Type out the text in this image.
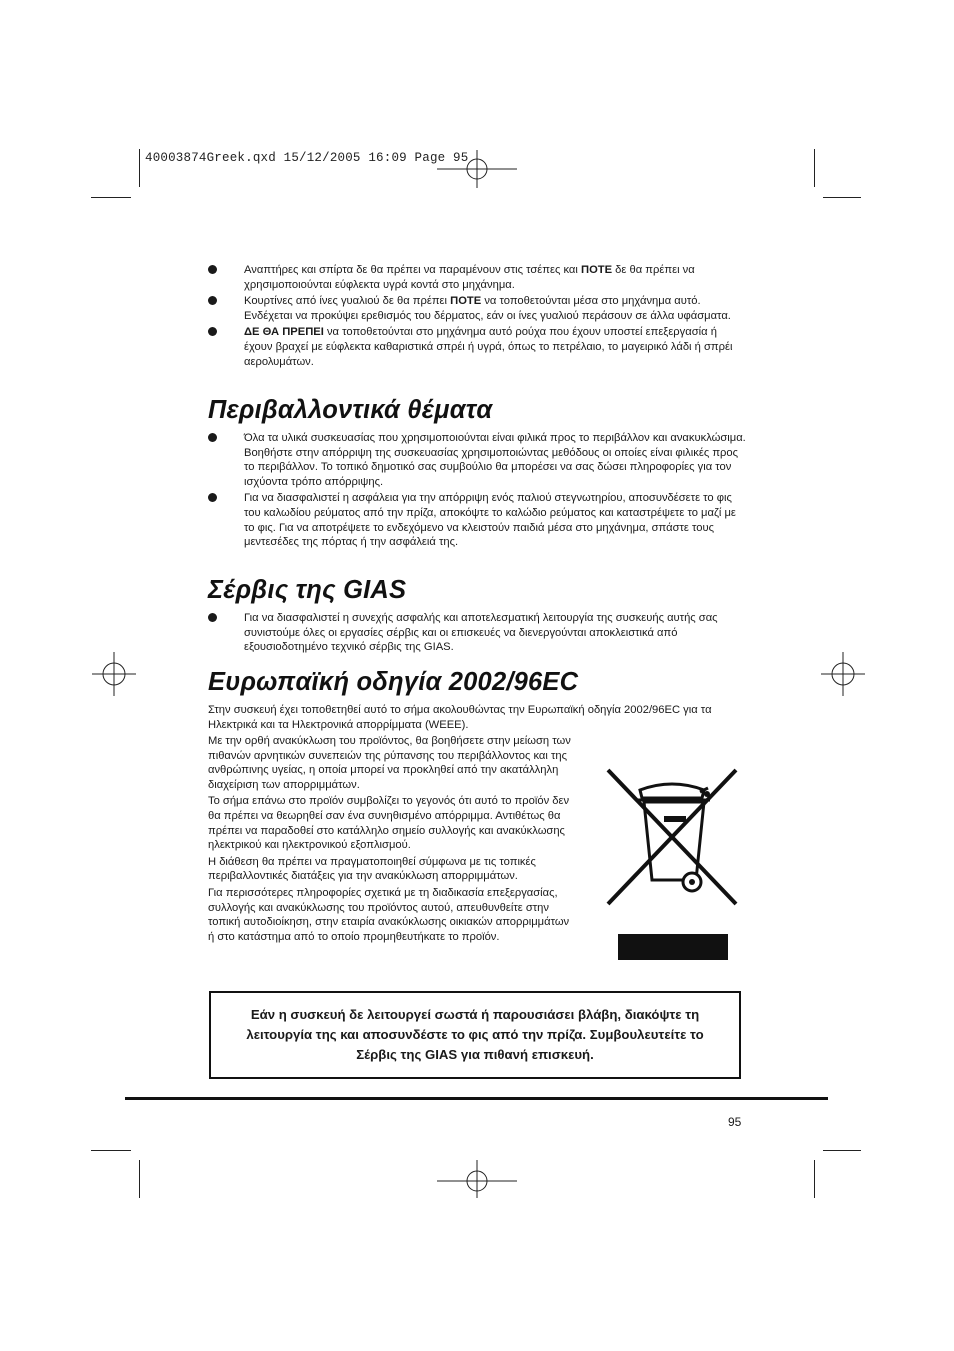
40003874Greek.qxd 15/12/2005 16:09 Page 95
Αναπτήρες και σπίρτα δε θα πρέπει να παραμένουν στις τσέπες και ΠΟΤΕ δε θα πρέπει να χρησιμοποιούνται εύφλεκτα υγρά κοντά στο μηχάνημα.
Κουρτίνες από ίνες γυαλιού δε θα πρέπει ΠΟΤΕ να τοποθετούνται μέσα στο μηχάνημα αυτό. Ενδέχεται να προκύψει ερεθισμός του δέρματος, εάν οι ίνες γυαλιού περάσουν σε άλλα υφάσματα.
ΔΕ ΘΑ ΠΡΕΠΕΙ να τοποθετούνται στο μηχάνημα αυτό ρούχα που έχουν υποστεί επεξεργασία ή έχουν βραχεί με εύφλεκτα καθαριστικά σπρέι ή υγρά, όπως το πετρέλαιο, το μαγειρικό λάδι ή σπρέι αερολυμάτων.
Περιβαλλοντικά θέματα
Όλα τα υλικά συσκευασίας που χρησιμοποιούνται είναι φιλικά προς το περιβάλλον και ανακυκλώσιμα. Βοηθήστε στην απόρριψη της συσκευασίας χρησιμοποιώντας μεθόδους οι οποίες είναι φιλικές προς το περιβάλλον. Το τοπικό δημοτικό σας συμβούλιο θα μπορέσει να σας δώσει πληροφορίες για τον ισχύοντα τρόπο απόρριψης.
Για να διασφαλιστεί η ασφάλεια για την απόρριψη ενός παλιού στεγνωτηρίου, αποσυνδέσετε το φις του καλωδίου ρεύματος από την πρίζα, αποκόψτε το καλώδιο ρεύματος και καταστρέψετε το μαζί με το φις. Για να αποτρέψετε το ενδεχόμενο να κλειστούν παιδιά μέσα στο μηχάνημα, σπάστε τους μεντεσέδες της πόρτας ή την ασφάλειά της.
Σέρβις της GIAS
Για να διασφαλιστεί η συνεχής ασφαλής και αποτελεσματική λειτουργία της συσκευής αυτής σας συνιστούμε όλες οι εργασίες σέρβις και οι επισκευές να διενεργούνται αποκλειστικά από εξουσιοδοτημένο τεχνικό σέρβις της GIAS.
Ευρωπαϊκή οδηγία 2002/96EC

Στην συσκευή έχει τοποθετηθεί αυτό το σήμα ακολουθώντας την Ευρωπαϊκή οδηγία 2002/96EC για τα Ηλεκτρικά και τα Ηλεκτρονικά απορρίμματα (WEEE).

Με την ορθή ανακύκλωση του προϊόντος, θα βοηθήσετε στην μείωση των πιθανών αρνητικών συνεπειών της ρύπανσης του περιβάλλοντος και της ανθρώπινης υγείας, η οποία μπορεί να προκληθεί από την ακατάλληλη διαχείριση των απορριμμάτων.

Το σήμα επάνω στο προϊόν συμβολίζει το γεγονός ότι αυτό το προϊόν δεν θα πρέπει να θεωρηθεί σαν ένα συνηθισμένο απόρριμμα. Αντιθέτως θα πρέπει να παραδοθεί στο κατάλληλο σημείο συλλογής και ανακύκλωσης ηλεκτρικού και ηλεκτρονικού εξοπλισμού.

Η διάθεση θα πρέπει να πραγματοποιηθεί σύμφωνα με τις τοπικές περιβαλλοντικές διατάξεις για την ανακύκλωση απορριμμάτων.

Για περισσότερες πληροφορίες σχετικά με τη διαδικασία επεξεργασίας, συλλογής και ανακύκλωσης του προϊόντος αυτού, απευθυνθείτε στην τοπική αυτοδιοίκηση, στην εταιρία ανακύκλωσης οικιακών απορριμμάτων ή στο κατάστημα από το οποίο προμηθευτήκατε το προϊόν.

Εάν η συσκευή δε λειτουργεί σωστά ή παρουσιάσει βλάβη, διακόψτε τη λειτουργία της και αποσυνδέστε το φις από την πρίζα. Συμβουλευτείτε το Σέρβις της GIAS για πιθανή επισκευή.
95
